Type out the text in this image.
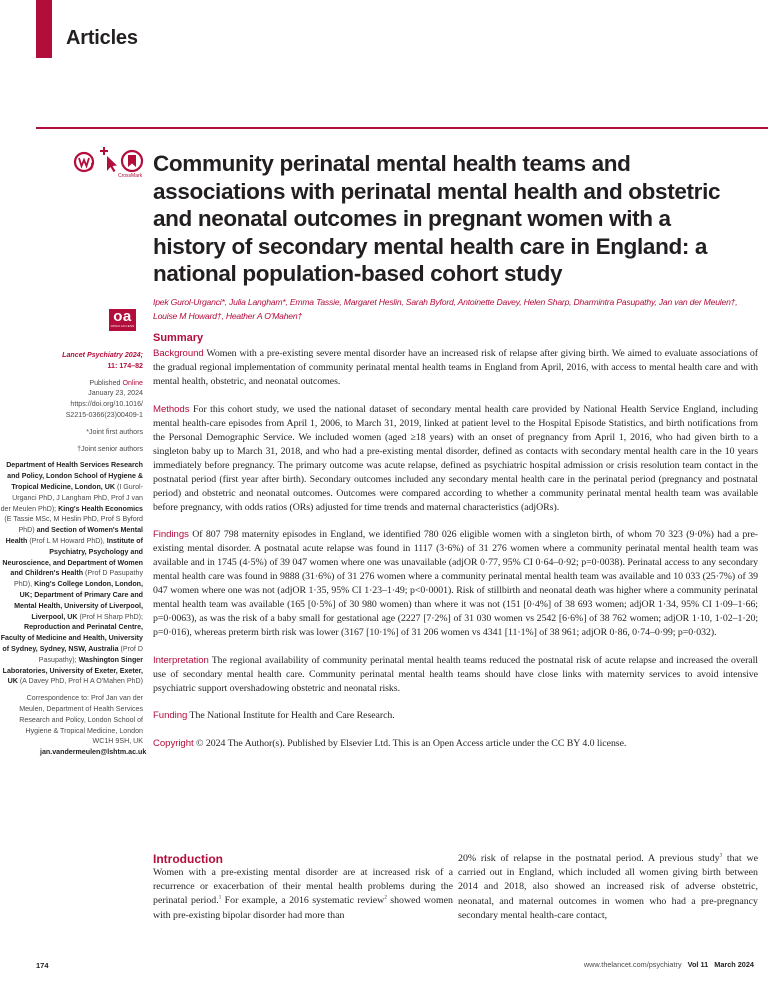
Articles
CrossMark
oa
OPEN ACCESS
Community perinatal mental health teams and associations with perinatal mental health and obstetric and neonatal outcomes in pregnant women with a history of secondary mental health care in England: a national population-based cohort study
Ipek Gurol-Urganci*, Julia Langham*, Emma Tassie, Margaret Heslin, Sarah Byford, Antoinette Davey, Helen Sharp, Dharmintra Pasupathy, Jan van der Meulen†, Louise M Howard†, Heather A O'Mahen†
Lancet Psychiatry 2024;
11: 174–82
Published Online
January 23, 2024
https://doi.org/10.1016/
S2215-0366(23)00409-1
*Joint first authors
†Joint senior authors
Department of Health Services Research and Policy, London School of Hygiene & Tropical Medicine, London, UK (I Gurol-Urganci PhD, J Langham PhD, Prof J van der Meulen PhD); King's Health Economics (E Tassie MSc, M Heslin PhD, Prof S Byford PhD) and Section of Women's Mental Health (Prof L M Howard PhD), Institute of Psychiatry, Psychology and Neuroscience, and Department of Women and Children's Health (Prof D Pasupathy PhD), King's College London, London, UK; Department of Primary Care and Mental Health, University of Liverpool, Liverpool, UK (Prof H Sharp PhD); Reproduction and Perinatal Centre, Faculty of Medicine and Health, University of Sydney, Sydney, NSW, Australia (Prof D Pasupathy); Washington Singer Laboratories, University of Exeter, Exeter, UK (A Davey PhD, Prof H A O'Mahen PhD)
Correspondence to: Prof Jan van der Meulen, Department of Health Services Research and Policy, London School of Hygiene & Tropical Medicine, London WC1H 9SH, UK
jan.vandermeulen@lshtm.ac.uk
Summary

Background Women with a pre-existing severe mental disorder have an increased risk of relapse after giving birth. We aimed to evaluate associations of the gradual regional implementation of community perinatal mental health teams in England from April, 2016, with access to mental health care and with mental health, obstetric, and neonatal outcomes.

Methods For this cohort study, we used the national dataset of secondary mental health care provided by National Health Service England, including mental health-care episodes from April 1, 2006, to March 31, 2019, linked at patient level to the Hospital Episode Statistics, and birth notifications from the Personal Demographic Service. We included women (aged ≥18 years) with an onset of pregnancy from April 1, 2016, who had given birth to a singleton baby up to March 31, 2018, and who had a pre-existing mental disorder, defined as contacts with secondary mental health care in the 10 years immediately before pregnancy. The primary outcome was acute relapse, defined as psychiatric hospital admission or crisis resolution team contact in the postnatal period (first year after birth). Secondary outcomes included any secondary mental health care in the perinatal period (pregnancy and postnatal period) and obstetric and neonatal outcomes. Outcomes were compared according to whether a community perinatal mental health team was available before pregnancy, with odds ratios (ORs) adjusted for time trends and maternal characteristics (adjORs).

Findings Of 807 798 maternity episodes in England, we identified 780 026 eligible women with a singleton birth, of whom 70 323 (9·0%) had a pre-existing mental disorder. A postnatal acute relapse was found in 1117 (3·6%) of 31 276 women where a community perinatal mental health team was available and in 1745 (4·5%) of 39 047 women where one was unavailable (adjOR 0·77, 95% CI 0·64–0·92; p=0·0038). Perinatal access to any secondary mental health care was found in 9888 (31·6%) of 31 276 women where a community perinatal mental health team was available and 10 033 (25·7%) of 39 047 women where one was not (adjOR 1·35, 95% CI 1·23–1·49; p<0·0001). Risk of stillbirth and neonatal death was higher where a community perinatal mental health team was available (165 [0·5%] of 30 980 women) than where it was not (151 [0·4%] of 38 693 women; adjOR 1·34, 95% CI 1·09–1·66; p=0·0063), as was the risk of a baby small for gestational age (2227 [7·2%] of 31 030 women vs 2542 [6·6%] of 38 762 women; adjOR 1·10, 1·02–1·20; p=0·016), whereas preterm birth risk was lower (3167 [10·1%] of 31 206 women vs 4341 [11·1%] of 38 961; adjOR 0·86, 0·74–0·99; p=0·032).

Interpretation The regional availability of community perinatal mental health teams reduced the postnatal risk of acute relapse and increased the overall use of secondary mental health care. Community perinatal mental health teams should have close links with maternity services to avoid intensive psychiatric support overshadowing obstetric and neonatal risks.

Funding The National Institute for Health and Care Research.

Copyright © 2024 The Author(s). Published by Elsevier Ltd. This is an Open Access article under the CC BY 4.0 license.

Introduction
Women with a pre-existing mental disorder are at increased risk of a recurrence or exacerbation of their mental health problems during the perinatal period.$^1$ For example, a 2016 systematic review$^2$ showed women with pre-existing bipolar disorder had more than
20% risk of relapse in the postnatal period. A previous study$^3$ that we carried out in England, which included all women giving birth between 2014 and 2018, also showed an increased risk of adverse obstetric, neonatal, and maternal outcomes in women who had a pre-pregnancy secondary mental health-care contact,
174	www.thelancet.com/psychiatry Vol 11 March 2024
